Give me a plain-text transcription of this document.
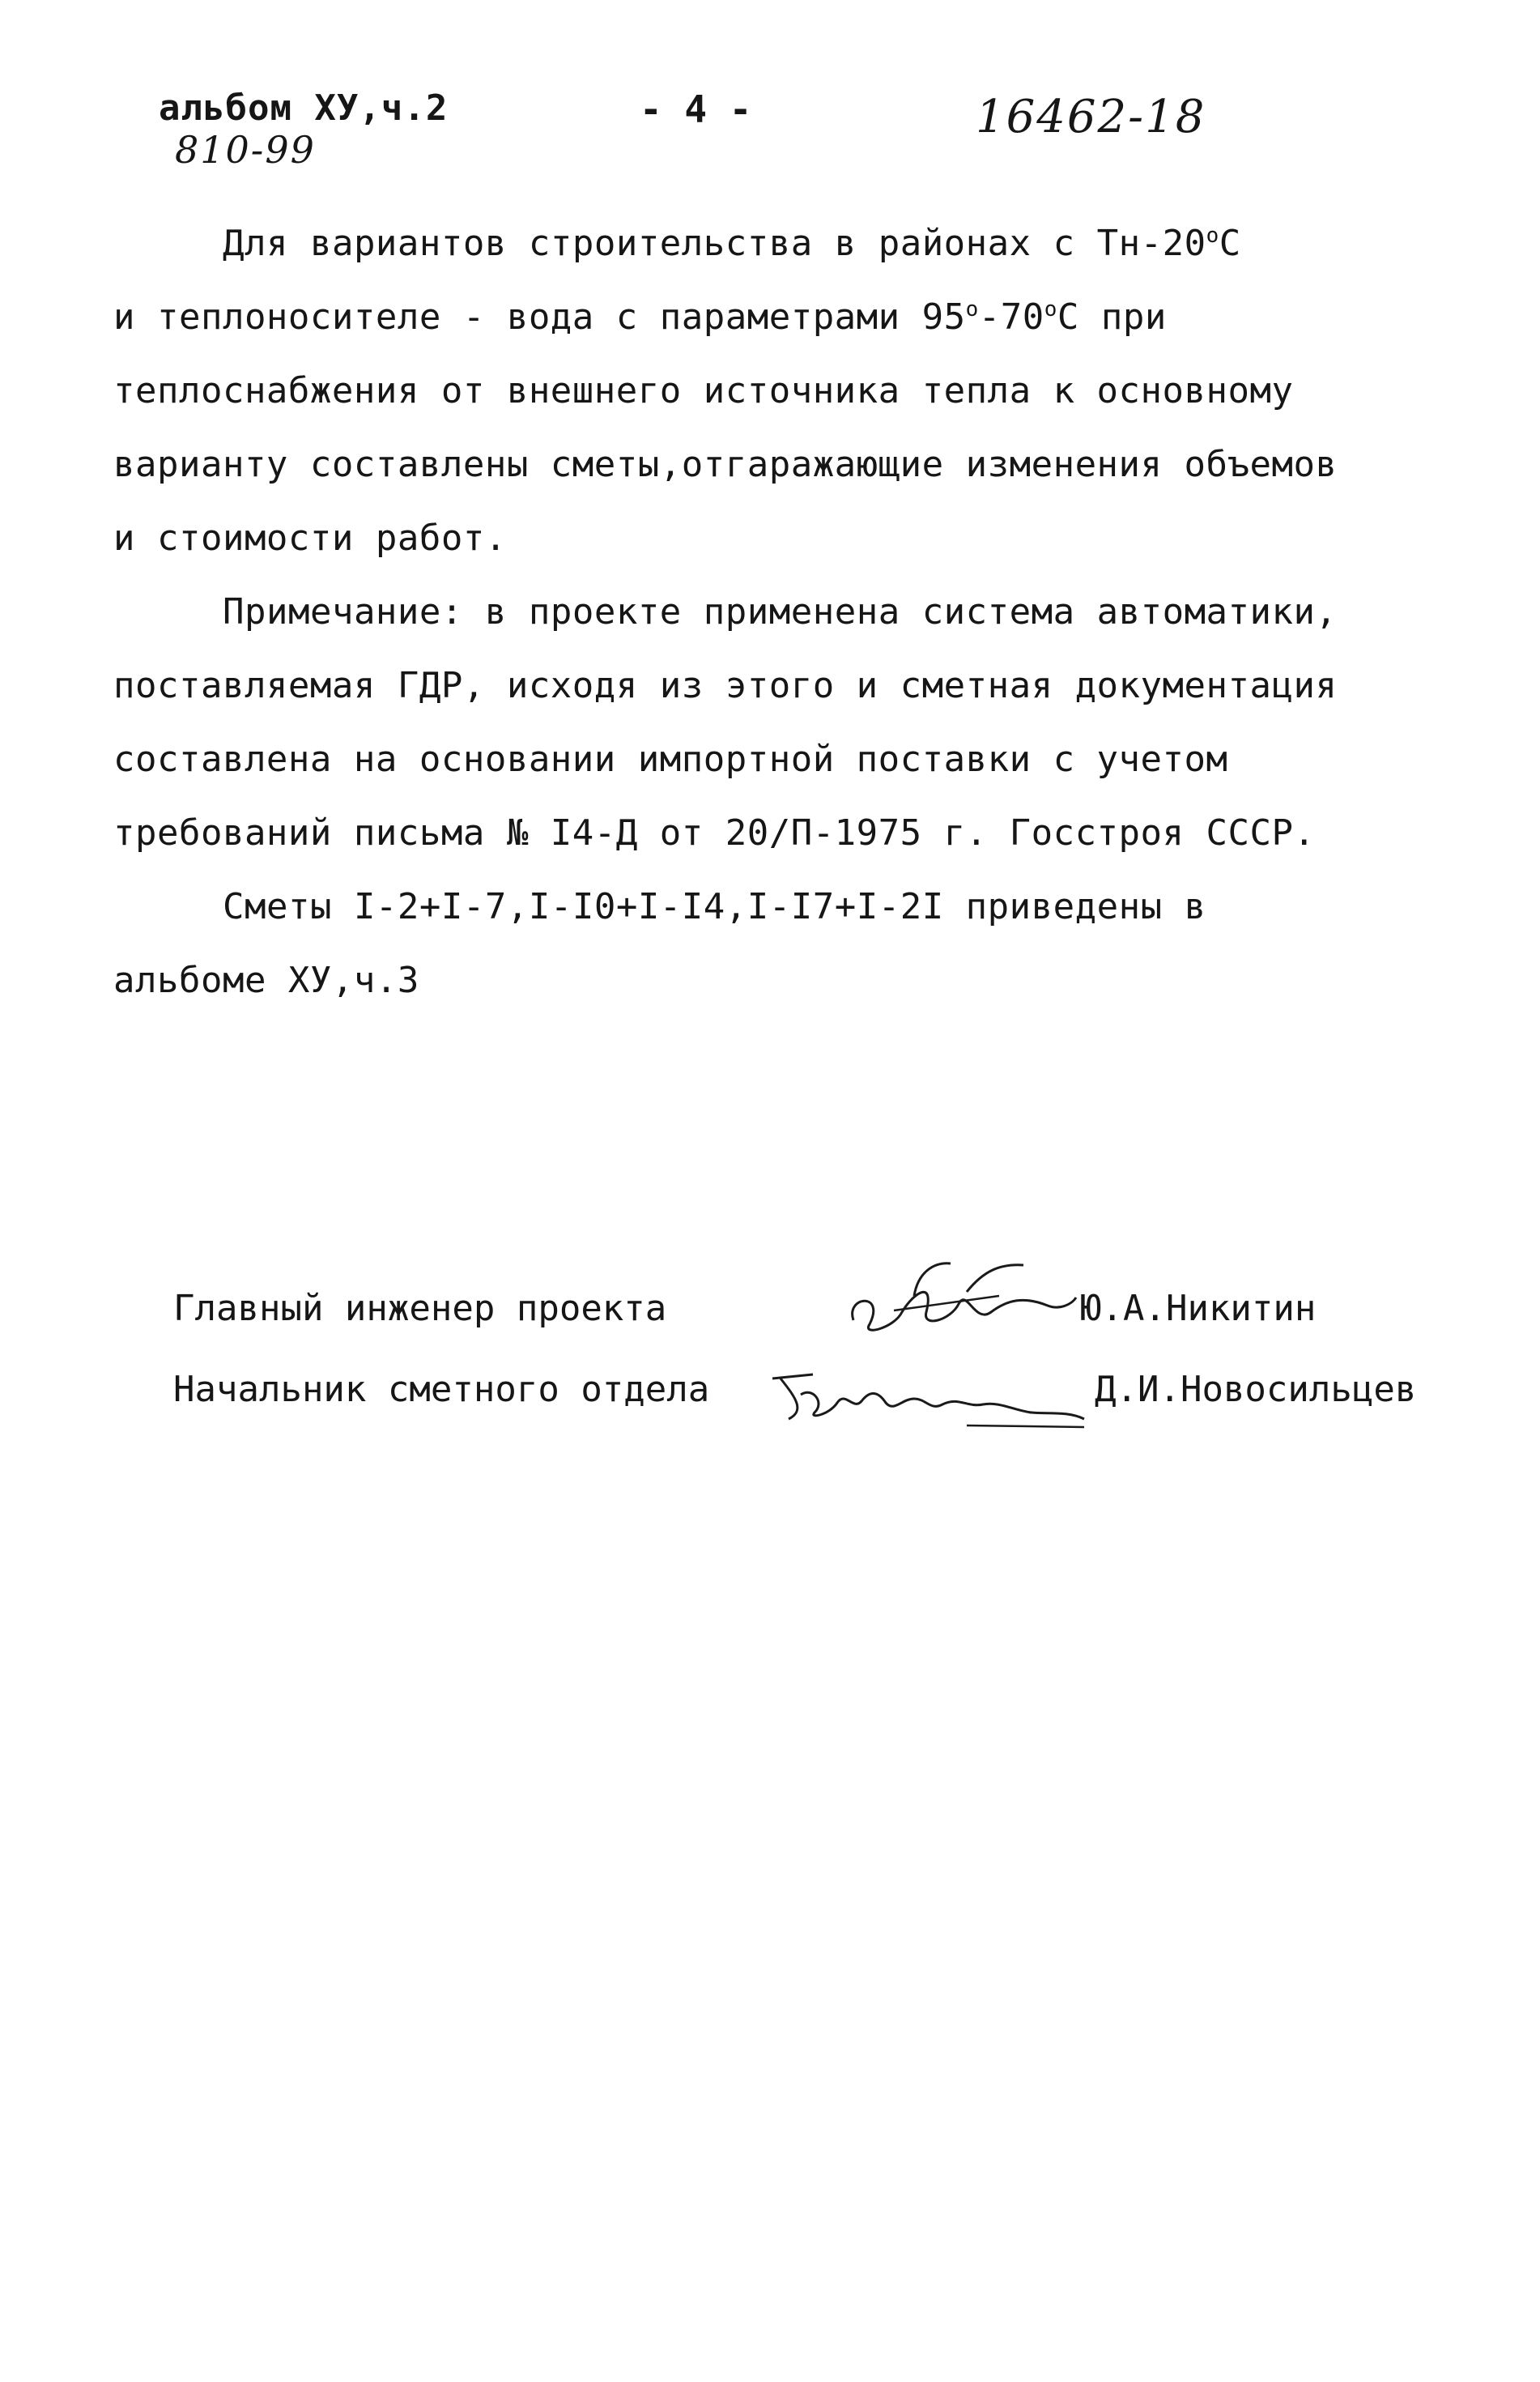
альбом ХУ,ч.2

810-99
- 4 -	16462-18

Для вариантов строительства в районах с $Тн-20^оС$

и теплоносителе - вода с параметрами $95^о-70^оС$ при

теплоснабжения от внешнего источника тепла к основному

варианту составлены сметы,отгаражающие изменения объемов

и стоимости работ.

Примечание: в проекте применена система автоматики,

поставляемая ГДР, исходя из этого и сметная документация

составлена на основании импортной поставки с учетом

требований письма № I4-Д от 20/П-1975 г. Госстроя СССР.

Сметы I-2+I-7,I-I0+I-I4,I-I7+I-2I приведены в

альбоме ХУ,ч.3

Главный инженер проекта	Ю.А.Никитин
Начальник сметного отдела	Д.И.Новосильцев
